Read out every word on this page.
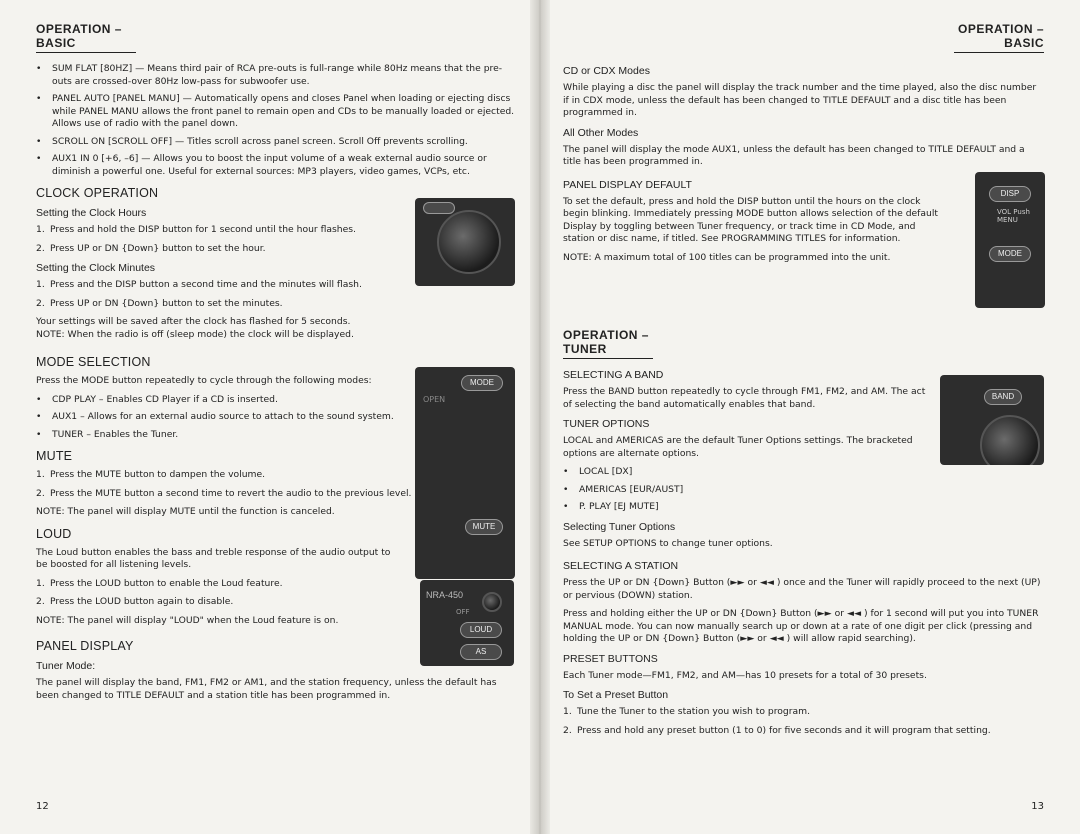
OPERATION – BASIC
• SUM FLAT [80HZ] — Means third pair of RCA pre-outs is full-range while 80Hz means that the pre-outs are crossed-over 80Hz low-pass for subwoofer use.
• PANEL AUTO [PANEL MANU] — Automatically opens and closes Panel when loading or ejecting discs while PANEL MANU allows the front panel to remain open and CDs to be manually loaded or ejected. Allows use of radio with the panel down.
• SCROLL ON [SCROLL OFF] — Titles scroll across panel screen. Scroll Off prevents scrolling.
• AUX1 IN 0 [+6, –6] — Allows you to boost the input volume of a weak external audio source or diminish a powerful one. Useful for external sources: MP3 players, video games, VCPs, etc.
CLOCK OPERATION
Setting the Clock Hours
1. Press and hold the DISP button for 1 second until the hour flashes.
2. Press UP or DN {Down} button to set the hour.
Setting the Clock Minutes
1. Press and the DISP button a second time and the minutes will flash.
2. Press UP or DN {Down} button to set the minutes.

Your settings will be saved after the clock has flashed for 5 seconds.

NOTE: When the radio is off (sleep mode) the clock will be displayed.

MODE SELECTION

Press the MODE button repeatedly to cycle through the following modes:

• CDP PLAY – Enables CD Player if a CD is inserted.
• AUX1 – Allows for an external audio source to attach to the sound system.
• TUNER – Enables the Tuner.
MUTE
1. Press the MUTE button to dampen the volume.
2. Press the MUTE button a second time to revert the audio to the previous level.

NOTE: The panel will display MUTE until the function is canceled.

LOUD

The Loud button enables the bass and treble response of the audio output to be boosted for all listening levels.

1. Press the LOUD button to enable the Loud feature.
2. Press the LOUD button again to disable.

NOTE: The panel will display "LOUD" when the Loud feature is on.

PANEL DISPLAY
Tuner Mode:

The panel will display the band, FM1, FM2 or AM1, and the station frequency, unless the default has been changed to TITLE DEFAULT and a station title has been programmed in.

12
MODE
OPEN
MUTE
NRA-450
OFF
LOUD
AS
OPERATION – BASIC
CD or CDX Modes

While playing a disc the panel will display the track number and the time played, also the disc number if in CDX mode, unless the default has been changed to TITLE DEFAULT and a disc title has been programmed in.

All Other Modes

The panel will display the mode AUX1, unless the default has been changed to TITLE DEFAULT and a title has been programmed in.

PANEL DISPLAY DEFAULT

To set the default, press and hold the DISP button until the hours on the clock begin blinking. Immediately pressing MODE button allows selection of the default Display by toggling between Tuner frequency, or track time in CD Mode, and station or disc name, if titled. See PROGRAMMING TITLES for information.

NOTE: A maximum total of 100 titles can be programmed into the unit.

OPERATION – TUNER
SELECTING A BAND

Press the BAND button repeatedly to cycle through FM1, FM2, and AM. The act of selecting the band automatically enables that band.

TUNER OPTIONS

LOCAL and AMERICAS are the default Tuner Options settings. The bracketed options are alternate options.

• LOCAL [DX]
• AMERICAS [EUR/AUST]
• P. PLAY [EJ MUTE]
Selecting Tuner Options

See SETUP OPTIONS to change tuner options.

SELECTING A STATION

Press the UP or DN {Down} Button (►► or ◄◄ ) once and the Tuner will rapidly proceed to the next (UP) or pervious (DOWN) station.

Press and holding either the UP or DN {Down} Button (►► or ◄◄ ) for 1 second will put you into TUNER MANUAL mode. You can now manually search up or down at a rate of one digit per click (pressing and holding the UP or DN {Down} Button (►► or ◄◄ ) will allow rapid searching).

PRESET BUTTONS

Each Tuner mode—FM1, FM2, and AM—has 10 presets for a total of 30 presets.

To Set a Preset Button
1. Tune the Tuner to the station you wish to program.
2. Press and hold any preset button (1 to 0) for five seconds and it will program that setting.
13
DISP
VOL Push MENU
MODE
BAND
